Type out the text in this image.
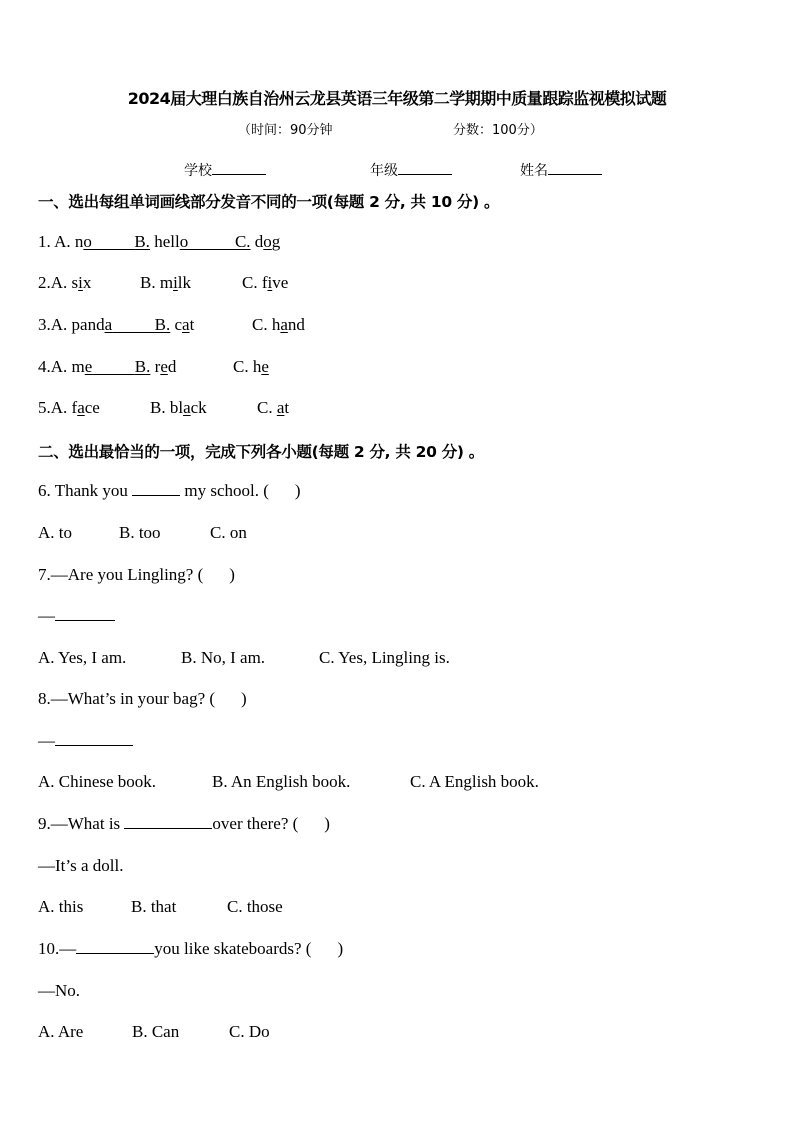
2024届大理白族自治州云龙县英语三年级第二学期期中质量跟踪监视模拟试题
（时间：90分钟	分数：100分）
学校	年级	姓名
一、选出每组单词画线部分发音不同的一项(每题 2 分, 共 10 分) 。
1. A. no	B. hello	C. dog
2.A. six	B. milk	C. five
3.A. panda	B. cat	C. hand
4.A. me	B. red	C. he
5.A. face	B. black	C. at
二、选出最恰当的一项，完成下列各小题(每题 2 分, 共 20 分) 。
6. Thank you	my school. ( )
A. to	B. too	C. on
7.—Are you Lingling? ( )
—
A. Yes, I am.	B. No, I am.	C. Yes, Lingling is.
8.—What’s in your bag? ( )
—
A. Chinese book.	B. An English book.	C. A English book.
9.—What is	over there? ( )
—It’s a doll.
A. this	B. that	C. those
10.—	you like skateboards? ( )
—No.
A. Are	B. Can	C. Do
